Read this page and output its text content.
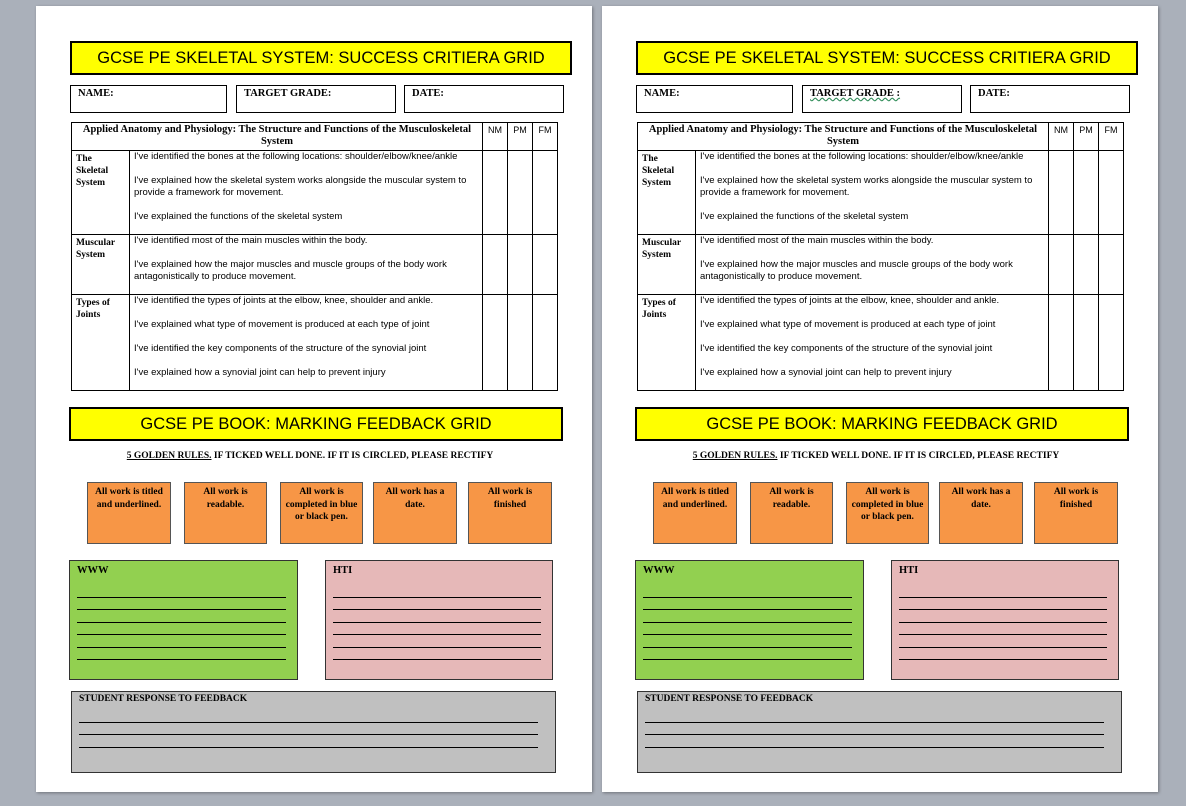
GCSE PE SKELETAL SYSTEM: SUCCESS CRITIERA GRID
NAME:	TARGET GRADE:	DATE:
Applied Anatomy and Physiology: The Structure and Functions of the Musculoskeletal System		NM	PM	FM
The Skeletal System	I've identified the bones at the following locations: shoulder/elbow/knee/ankle

I've explained how the skeletal system works alongside the muscular system to provide a framework for movement.

I've explained the functions of the skeletal system			

Muscular System	I've identified most of the main muscles within the body.

I've explained how the major muscles and muscle groups of the body work antagonistically to produce movement.			

Types of Joints	I've identified the types of joints at the elbow, knee, shoulder and ankle.

I've explained what type of movement is produced at each type of joint

I've identified the key components of the structure of the synovial joint

I've explained how a synovial joint can help to prevent injury			

GCSE PE BOOK: MARKING FEEDBACK GRID
5 GOLDEN RULES. IF TICKED WELL DONE. IF IT IS CIRCLED, PLEASE RECTIFY
All work is titled and underlined.
All work is readable.
All work is completed in blue or black pen.
All work has a date.
All work is finished
WWW	HTI
STUDENT RESPONSE TO FEEDBACK
GCSE PE SKELETAL SYSTEM: SUCCESS CRITIERA GRID
NAME:	TARGET GRADE :	DATE:
Applied Anatomy and Physiology: The Structure and Functions of the Musculoskeletal System		NM	PM	FM
The Skeletal System	I've identified the bones at the following locations: shoulder/elbow/knee/ankle

I've explained how the skeletal system works alongside the muscular system to provide a framework for movement.

I've explained the functions of the skeletal system			

Muscular System	I've identified most of the main muscles within the body.

I've explained how the major muscles and muscle groups of the body work antagonistically to produce movement.			

Types of Joints	I've identified the types of joints at the elbow, knee, shoulder and ankle.

I've explained what type of movement is produced at each type of joint

I've identified the key components of the structure of the synovial joint

I've explained how a synovial joint can help to prevent injury			

GCSE PE BOOK: MARKING FEEDBACK GRID
5 GOLDEN RULES. IF TICKED WELL DONE. IF IT IS CIRCLED, PLEASE RECTIFY
All work is titled and underlined.
All work is readable.
All work is completed in blue or black pen.
All work has a date.
All work is finished
WWW	HTI
STUDENT RESPONSE TO FEEDBACK
